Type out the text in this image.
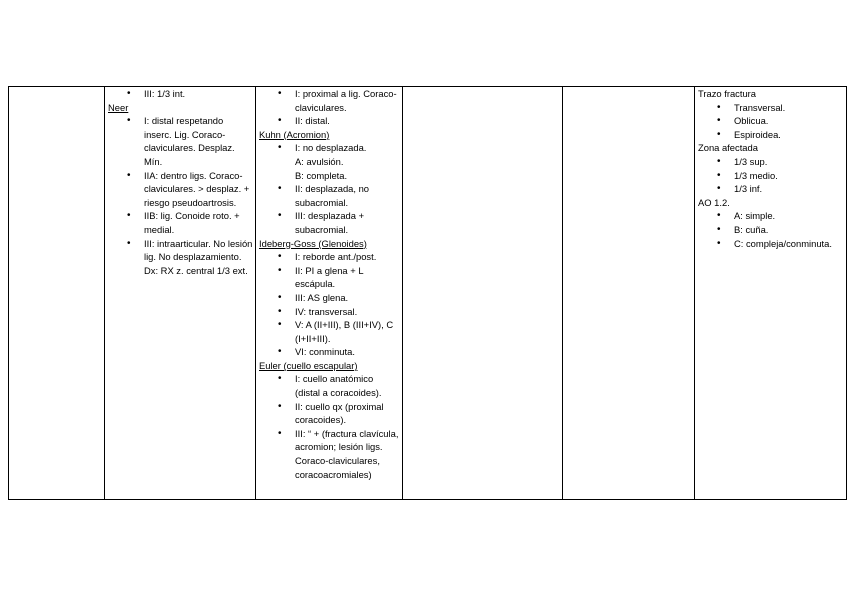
• III: 1/3 int.
Neer
• I: distal respetando inserc. Lig. Coraco-claviculares. Desplaz. Mín.
• IIA: dentro ligs. Coraco-claviculares. > desplaz. + riesgo pseudoartrosis.
• IIB: lig. Conoide roto. + medial.
• III: intraarticular. No lesión lig. No desplazamiento. Dx: RX z. central 1/3 ext.

• I: proximal a lig. Coraco-claviculares.
• II: distal.
Kuhn (Acromion)
• I: no desplazada.
A: avulsión.
B: completa.
• II: desplazada, no subacromial.
• III: desplazada + subacromial.
Ideberg-Goss (Glenoides)
• I: reborde ant./post.
• II: PI a glena + L escápula.
• III: AS glena.
• IV: transversal.
• V: A (II+III), B (III+IV), C (I+II+III).
• VI: conminuta.
Euler (cuello escapular)
• I: cuello anatómico (distal a coracoides).
• II: cuello qx (proximal coracoides).
• III: “ + (fractura clavícula, acromion; lesión ligs. Coraco-claviculares, coracoacromiales)

Trazo fractura
• Transversal.
• Oblicua.
• Espiroidea.
Zona afectada
• 1/3 sup.
• 1/3 medio.
• 1/3 inf.
AO 1.2.
• A: simple.
• B: cuña.
• C: compleja/conminuta.
